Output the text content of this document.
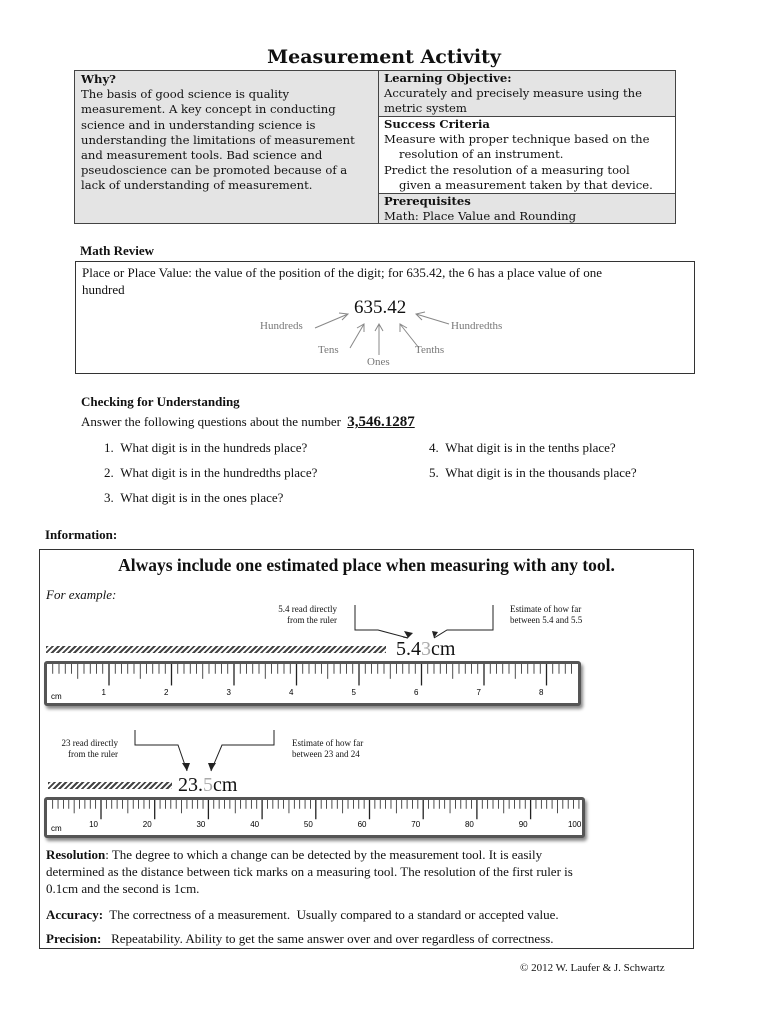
Measurement Activity
Why?
The basis of good science is quality
measurement. A key concept in conducting
science and in understanding science is
understanding the limitations of measurement
and measurement tools. Bad science and
pseudoscience can be promoted because of a
lack of understanding of measurement.
Learning Objective:
Accurately and precisely measure using the
metric system
Success Criteria
Measure with proper technique based on the
resolution of an instrument.
Predict the resolution of a measuring tool
given a measurement taken by that device.
Prerequisites
Math: Place Value and Rounding
Math Review
Place or Place Value: the value of the position of the digit; for 635.42, the 6 has a place value of one
hundred
635.42
Hundreds
Tens
Ones
Tenths
Hundredths
Checking for Understanding
Answer the following questions about the number 3,546.1287
1. What digit is in the hundreds place?
2. What digit is in the hundredths place?
3. What digit is in the ones place?
4. What digit is in the tenths place?
5. What digit is in the thousands place?
Information:
Always include one estimated place when measuring with any tool.
For example:
5.4 read directly
from the ruler
Estimate of how far
between 5.4 and 5.5
5.43cm
1	2	3	4	5	6	7	8
cm
23 read directly
from the ruler
Estimate of how far
between 23 and 24
23.5cm
10	20	30	40	50	60	70	80	90	100
cm
Resolution: The degree to which a change can be detected by the measurement tool. It is easily
determined as the distance between tick marks on a measuring tool. The resolution of the first ruler is
0.1cm and the second is 1cm.
Accuracy:  The correctness of a measurement.  Usually compared to a standard or accepted value.
Precision:   Repeatability. Ability to get the same answer over and over regardless of correctness.
© 2012 W. Laufer & J. Schwartz
